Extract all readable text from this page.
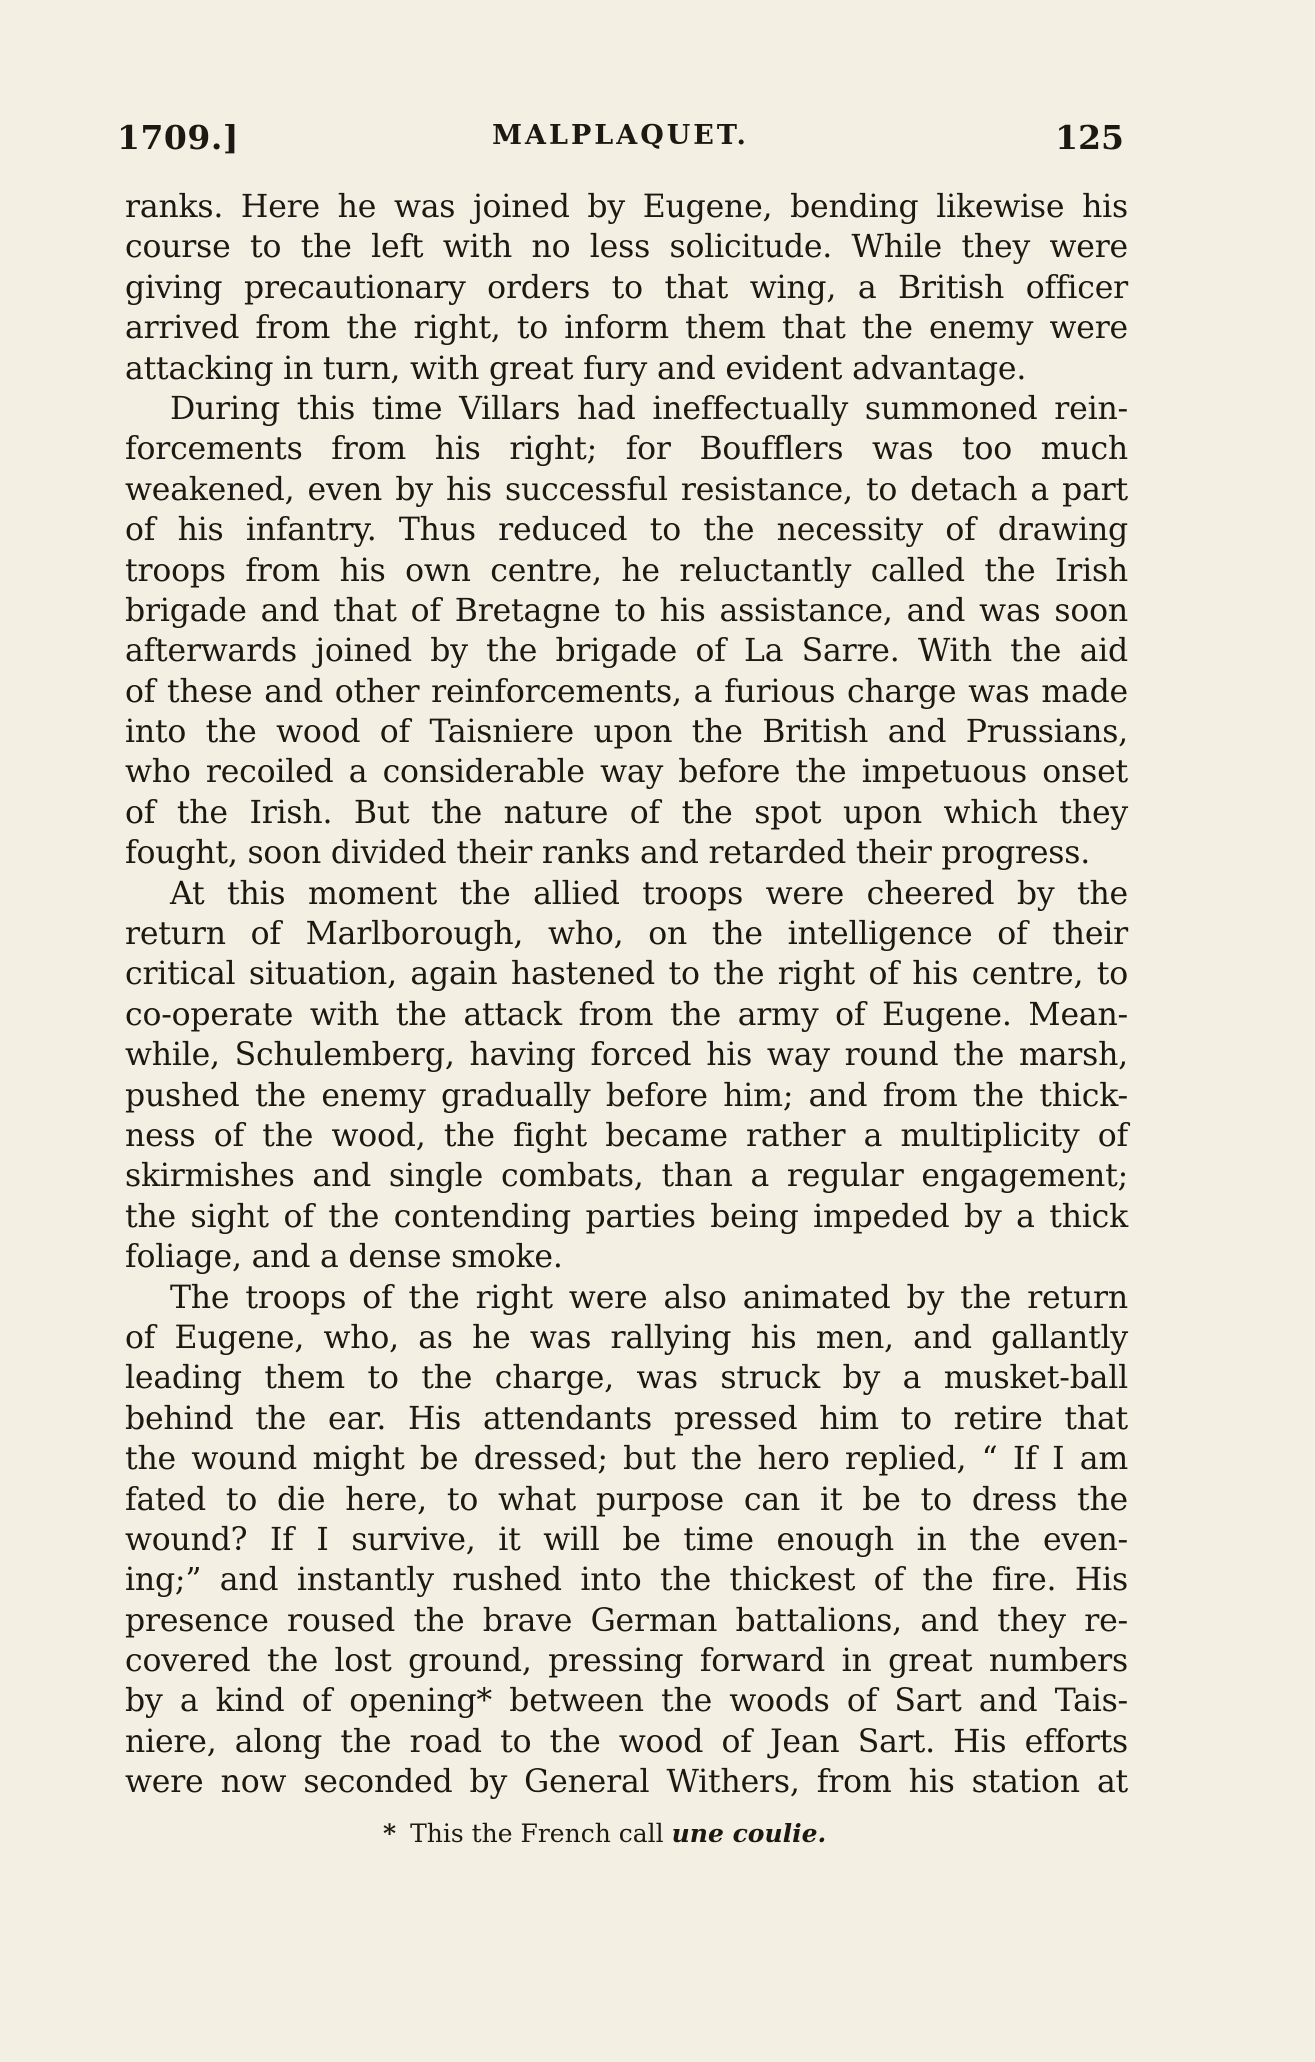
1709.]	MALPLAQUET.	125
ranks. Here he was joined by Eugene, bending likewise his
course to the left with no less solicitude. While they were
giving precautionary orders to that wing, a British officer
arrived from the right, to inform them that the enemy were
attacking in turn, with great fury and evident advantage.
During this time Villars had ineffectually summoned rein-
forcements from his right; for Boufflers was too much
weakened, even by his successful resistance, to detach a part
of his infantry. Thus reduced to the necessity of drawing
troops from his own centre, he reluctantly called the Irish
brigade and that of Bretagne to his assistance, and was soon
afterwards joined by the brigade of La Sarre. With the aid
of these and other reinforcements, a furious charge was made
into the wood of Taisniere upon the British and Prussians,
who recoiled a considerable way before the impetuous onset
of the Irish. But the nature of the spot upon which they
fought, soon divided their ranks and retarded their progress.
At this moment the allied troops were cheered by the
return of Marlborough, who, on the intelligence of their
critical situation, again hastened to the right of his centre, to
co-operate with the attack from the army of Eugene. Mean-
while, Schulemberg, having forced his way round the marsh,
pushed the enemy gradually before him; and from the thick-
ness of the wood, the fight became rather a multiplicity of
skirmishes and single combats, than a regular engagement;
the sight of the contending parties being impeded by a thick
foliage, and a dense smoke.
The troops of the right were also animated by the return
of Eugene, who, as he was rallying his men, and gallantly
leading them to the charge, was struck by a musket-ball
behind the ear. His attendants pressed him to retire that
the wound might be dressed; but the hero replied, “ If I am
fated to die here, to what purpose can it be to dress the
wound? If I survive, it will be time enough in the even-
ing;” and instantly rushed into the thickest of the fire. His
presence roused the brave German battalions, and they re-
covered the lost ground, pressing forward in great numbers
by a kind of opening* between the woods of Sart and Tais-
niere, along the road to the wood of Jean Sart. His efforts
were now seconded by General Withers, from his station at
* This the French call une coulie.
